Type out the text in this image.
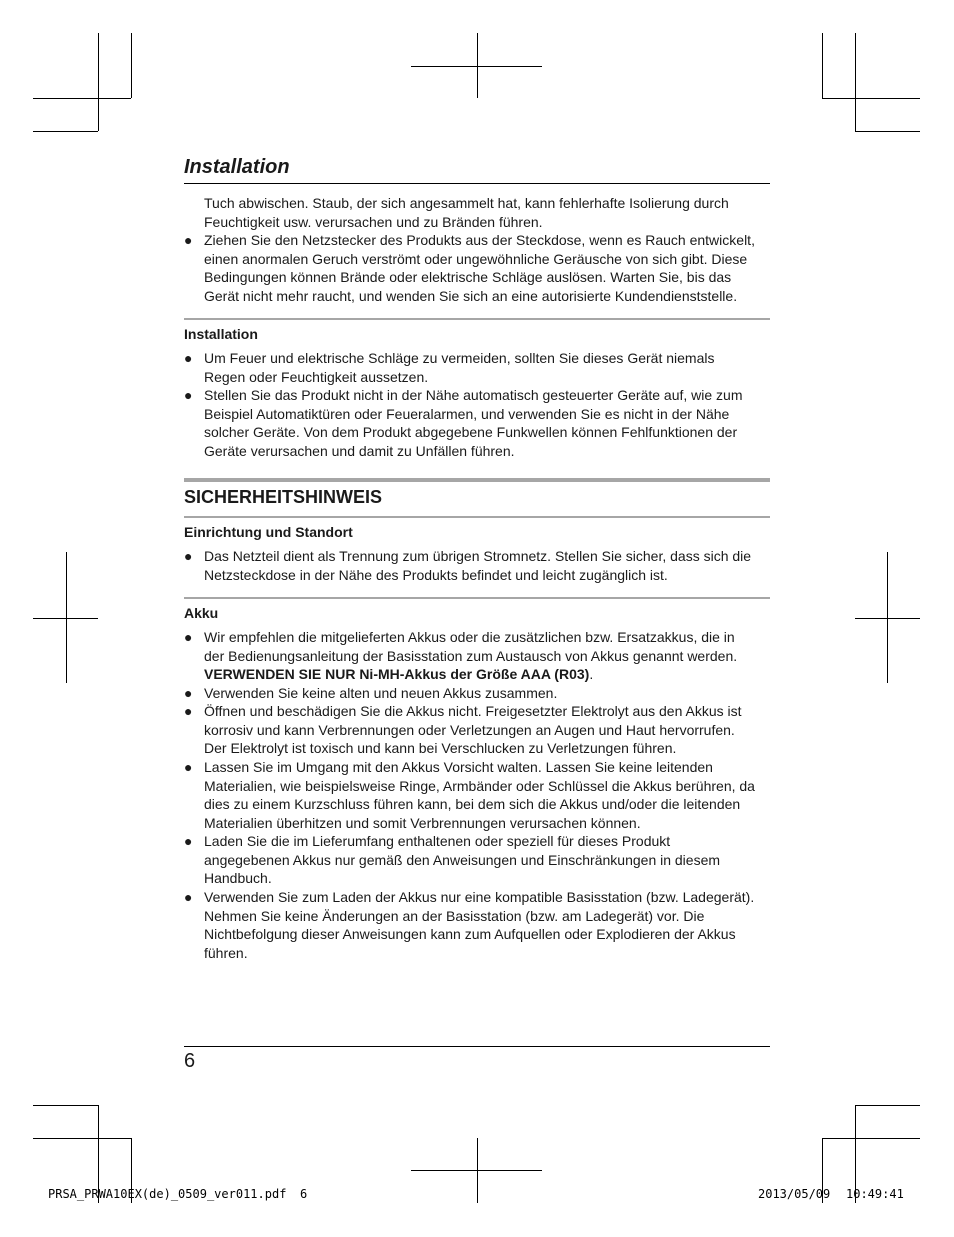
Installation
Tuch abwischen. Staub, der sich angesammelt hat, kann fehlerhafte Isolierung durch
Feuchtigkeit usw. verursachen und zu Bränden führen.
● Ziehen Sie den Netzstecker des Produkts aus der Steckdose, wenn es Rauch entwickelt,
einen anormalen Geruch verströmt oder ungewöhnliche Geräusche von sich gibt. Diese
Bedingungen können Brände oder elektrische Schläge auslösen. Warten Sie, bis das
Gerät nicht mehr raucht, und wenden Sie sich an eine autorisierte Kundendienststelle.
Installation
● Um Feuer und elektrische Schläge zu vermeiden, sollten Sie dieses Gerät niemals
Regen oder Feuchtigkeit aussetzen.
● Stellen Sie das Produkt nicht in der Nähe automatisch gesteuerter Geräte auf, wie zum
Beispiel Automatiktüren oder Feueralarmen, und verwenden Sie es nicht in der Nähe
solcher Geräte. Von dem Produkt abgegebene Funkwellen können Fehlfunktionen der
Geräte verursachen und damit zu Unfällen führen.
SICHERHEITSHINWEIS
Einrichtung und Standort
● Das Netzteil dient als Trennung zum übrigen Stromnetz. Stellen Sie sicher, dass sich die
Netzsteckdose in der Nähe des Produkts befindet und leicht zugänglich ist.
Akku
● Wir empfehlen die mitgelieferten Akkus oder die zusätzlichen bzw. Ersatzakkus, die in
der Bedienungsanleitung der Basisstation zum Austausch von Akkus genannt werden.
VERWENDEN SIE NUR Ni-MH-Akkus der Größe AAA (R03).
● Verwenden Sie keine alten und neuen Akkus zusammen.
● Öffnen und beschädigen Sie die Akkus nicht. Freigesetzter Elektrolyt aus den Akkus ist
korrosiv und kann Verbrennungen oder Verletzungen an Augen und Haut hervorrufen.
Der Elektrolyt ist toxisch und kann bei Verschlucken zu Verletzungen führen.
● Lassen Sie im Umgang mit den Akkus Vorsicht walten. Lassen Sie keine leitenden
Materialien, wie beispielsweise Ringe, Armbänder oder Schlüssel die Akkus berühren, da
dies zu einem Kurzschluss führen kann, bei dem sich die Akkus und/oder die leitenden
Materialien überhitzen und somit Verbrennungen verursachen können.
● Laden Sie die im Lieferumfang enthaltenen oder speziell für dieses Produkt
angegebenen Akkus nur gemäß den Anweisungen und Einschränkungen in diesem
Handbuch.
● Verwenden Sie zum Laden der Akkus nur eine kompatible Basisstation (bzw. Ladegerät).
Nehmen Sie keine Änderungen an der Basisstation (bzw. am Ladegerät) vor. Die
Nichtbefolgung dieser Anweisungen kann zum Aufquellen oder Explodieren der Akkus
führen.
6
PRSA_PRWA10EX(de)_0509_ver011.pdf 6	2013/05/09 10:49:41
